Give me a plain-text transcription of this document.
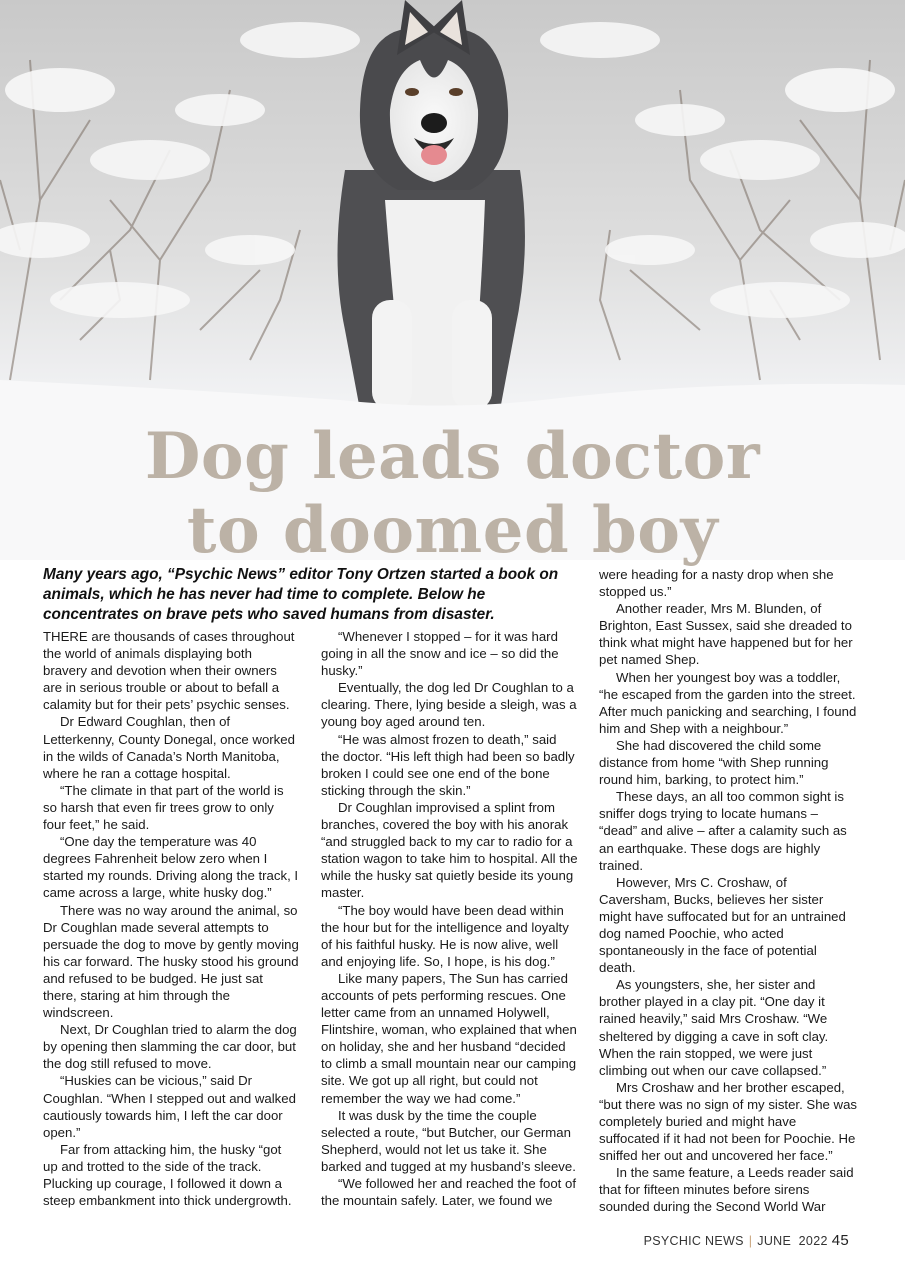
Dog leads doctor
to doomed boy

Many years ago, “Psychic News” editor Tony Ortzen started a book on animals, which he has never had time to complete. Below he concentrates on brave pets who saved humans from disaster.

THERE are thousands of cases throughout the world of animals displaying both bravery and devotion when their owners are in serious trouble or about to befall a calamity but for their pets’ psychic senses.

Dr Edward Coughlan, then of Letterkenny, County Donegal, once worked in the wilds of Canada’s North Manitoba, where he ran a cottage hospital.

“The climate in that part of the world is so harsh that even fir trees grow to only four feet,” he said.

“One day the temperature was 40 degrees Fahrenheit below zero when I started my rounds. Driving along the track, I came across a large, white husky dog.”

There was no way around the animal, so Dr Coughlan made several attempts to persuade the dog to move by gently moving his car forward. The husky stood his ground and refused to be budged. He just sat there, staring at him through the windscreen.

Next, Dr Coughlan tried to alarm the dog by opening then slamming the car door, but the dog still refused to move.

“Huskies can be vicious,” said Dr Coughlan. “When I stepped out and walked cautiously towards him, I left the car door open.”

Far from attacking him, the husky “got up and trotted to the side of the track. Plucking up courage, I followed it down a steep embankment into thick undergrowth.

“Whenever I stopped – for it was hard going in all the snow and ice – so did the husky.”

Eventually, the dog led Dr Coughlan to a clearing. There, lying beside a sleigh, was a young boy aged around ten.

“He was almost frozen to death,” said the doctor. “His left thigh had been so badly broken I could see one end of the bone sticking through the skin.”

Dr Coughlan improvised a splint from branches, covered the boy with his anorak “and struggled back to my car to radio for a station wagon to take him to hospital. All the while the husky sat quietly beside its young master.

“The boy would have been dead within the hour but for the intelligence and loyalty of his faithful husky. He is now alive, well and enjoying life. So, I hope, is his dog.”

Like many papers, The Sun has carried accounts of pets performing rescues. One letter came from an unnamed Holywell, Flintshire, woman, who explained that when on holiday, she and her husband “decided to climb a small mountain near our camping site. We got up all right, but could not remember the way we had come.”

It was dusk by the time the couple selected a route, “but Butcher, our German Shepherd, would not let us take it. She barked and tugged at my husband’s sleeve.

“We followed her and reached the foot of the mountain safely. Later, we found we

were heading for a nasty drop when she stopped us.”

Another reader, Mrs M. Blunden, of Brighton, East Sussex, said she dreaded to think what might have happened but for her pet named Shep.

When her youngest boy was a toddler, “he escaped from the garden into the street. After much panicking and searching, I found him and Shep with a neighbour.”

She had discovered the child some distance from home “with Shep running round him, barking, to protect him.”

These days, an all too common sight is sniffer dogs trying to locate humans – “dead” and alive – after a calamity such as an earthquake. These dogs are highly trained.

However, Mrs C. Croshaw, of Caversham, Bucks, believes her sister might have suffocated but for an untrained dog named Poochie, who acted spontaneously in the face of potential death.

As youngsters, she, her sister and brother played in a clay pit. “One day it rained heavily,” said Mrs Croshaw. “We sheltered by digging a cave in soft clay. When the rain stopped, we were just climbing out when our cave collapsed.”

Mrs Croshaw and her brother escaped, “but there was no sign of my sister. She was completely buried and might have suffocated if it had not been for Poochie. He sniffed her out and uncovered her face.”

In the same feature, a Leeds reader said that for fifteen minutes before sirens sounded during the Second World War

PSYCHIC NEWS | JUNE  2022 45
